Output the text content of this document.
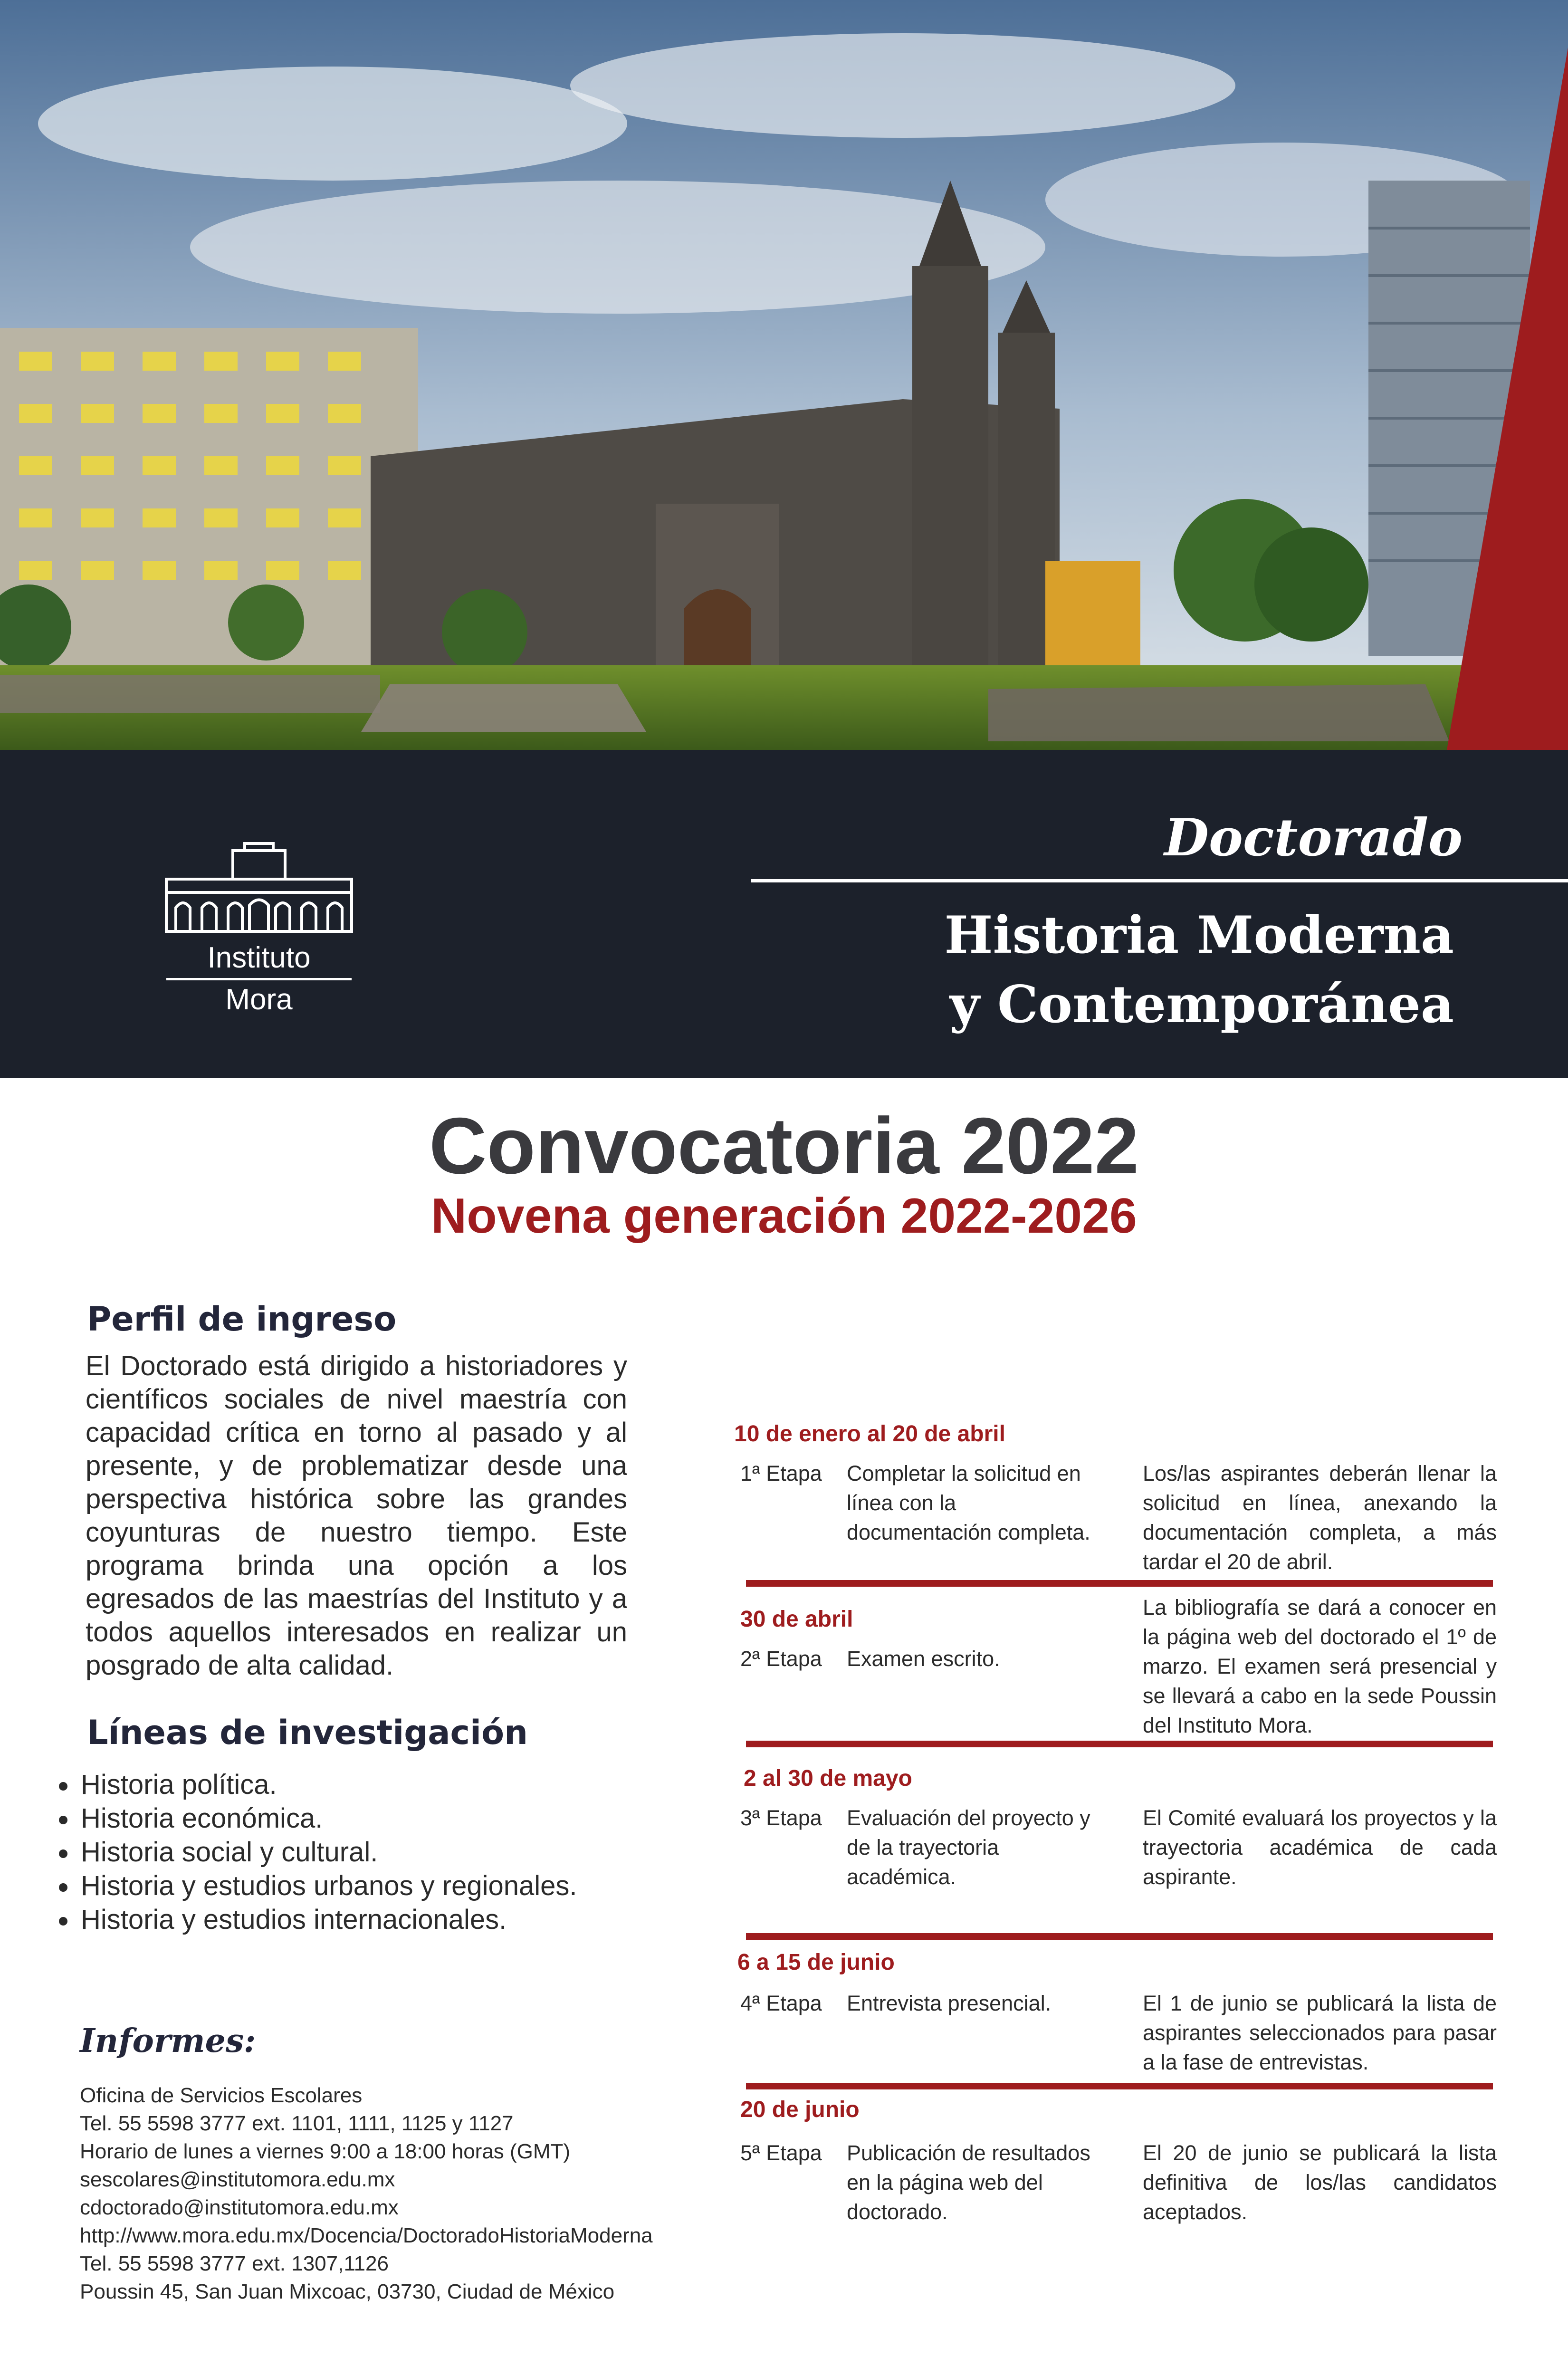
Instituto
Mora
Doctorado
Historia Moderna
y Contemporánea
Convocatoria 2022
Novena generación 2022-2026
Perfil de ingreso
El Doctorado está dirigido a historiadores y científicos sociales de nivel maestría con capacidad crítica en torno al pasado y al presente, y de problematizar desde una perspectiva histórica sobre las grandes coyunturas de nuestro tiempo. Este programa brinda una opción a los egresados de las maestrías del Instituto y a todos aquellos interesados en realizar un posgrado de alta calidad.
Líneas de investigación
Historia política.
Historia económica.
Historia social y cultural.
Historia y estudios urbanos y regionales.
Historia y estudios internacionales.
Informes:
Oficina de Servicios Escolares
Tel. 55 5598 3777 ext. 1101, 1111, 1125 y 1127
Horario de lunes a viernes 9:00 a 18:00 horas (GMT)
sescolares@institutomora.edu.mx
cdoctorado@institutomora.edu.mx
http://www.mora.edu.mx/Docencia/DoctoradoHistoriaModerna
Tel. 55 5598 3777 ext. 1307,1126
Poussin 45, San Juan Mixcoac, 03730, Ciudad de México
10 de enero al 20 de abril
1ª Etapa Completar la solicitud en línea con la documentación completa.
Los/las aspirantes deberán llenar la solicitud en línea, anexando la documentación completa, a más tardar el 20 de abril.
30 de abril
2ª Etapa Examen escrito.
La bibliografía se dará a conocer en la página web del doctorado el 1º de marzo. El examen será presencial y se llevará a cabo en la sede Poussin del Instituto Mora.
2 al 30 de mayo
3ª Etapa Evaluación del proyecto y de la trayectoria académica.
El Comité evaluará los proyectos y la trayectoria académica de cada aspirante.
6 a 15 de junio
4ª Etapa Entrevista presencial.	El 1 de junio se publicará la lista de aspirantes seleccionados para pasar a la fase de entrevistas.
20 de junio
5ª Etapa Publicación de resultados en la página web del doctorado.
El 20 de junio se publicará la lista definitiva de los/las candidatos aceptados.
